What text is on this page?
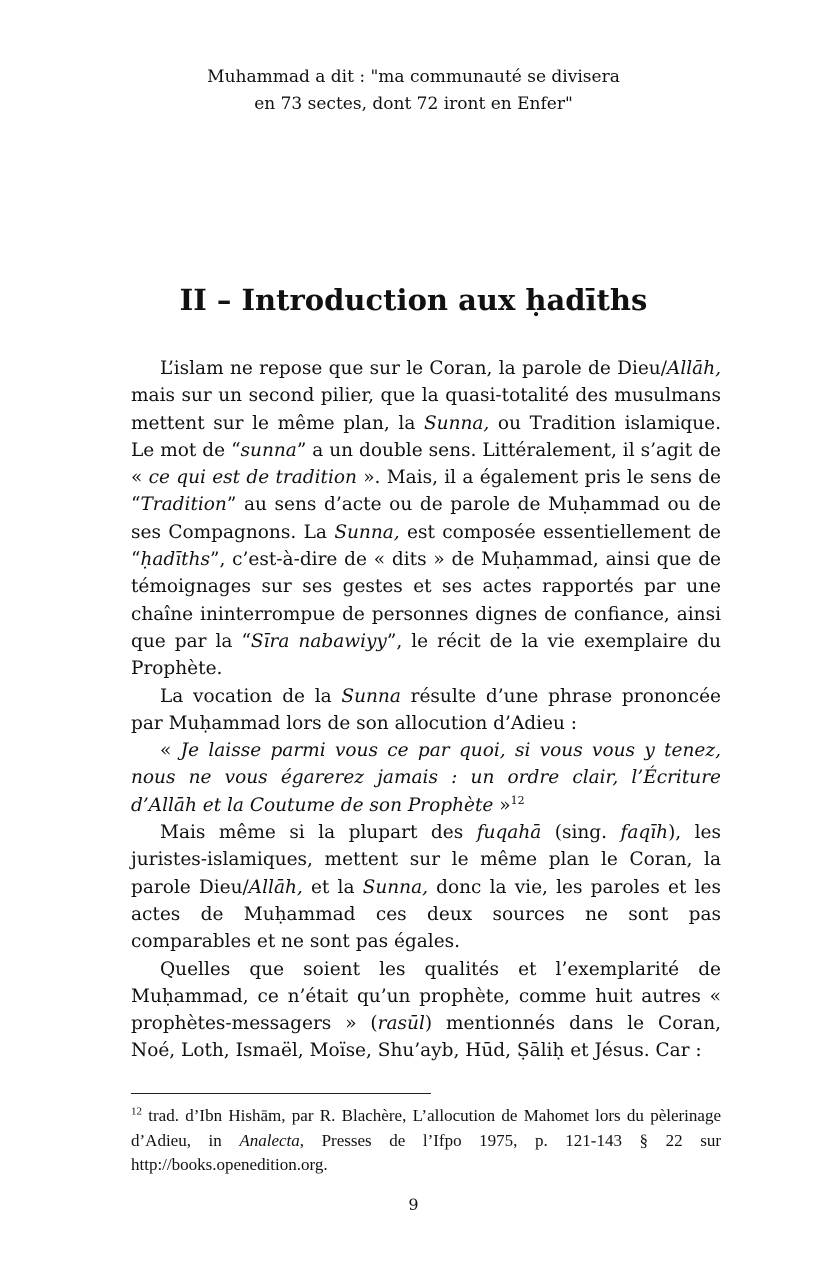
Muhammad a dit : "ma communauté se divisera
en 73 sectes, dont 72 iront en Enfer"
II – Introduction aux ḥadīths

L’islam ne repose que sur le Coran, la parole de Dieu/Allāh, mais sur un second pilier, que la quasi-totalité des musulmans mettent sur le même plan, la Sunna, ou Tradition islamique. Le mot de “sunna” a un double sens. Littéralement, il s’agit de « ce qui est de tradition ». Mais, il a également pris le sens de “Tradition” au sens d’acte ou de parole de Muḥammad ou de ses Compagnons. La Sunna, est composée essentiellement de “ḥadīths”, c’est-à-dire de « dits » de Muḥammad, ainsi que de témoignages sur ses gestes et ses actes rapportés par une chaîne ininterrompue de personnes dignes de confiance, ainsi que par la “Sīra nabawiyy”, le récit de la vie exemplaire du Prophète.

La vocation de la Sunna résulte d’une phrase prononcée par Muḥammad lors de son allocution d’Adieu :

« Je laisse parmi vous ce par quoi, si vous vous y tenez, nous ne vous égarerez jamais : un ordre clair, l’Écriture d’Allāh et la Coutume de son Prophète »$^{12}$

Mais même si la plupart des fuqahā (sing. faqīh), les juristes-islamiques, mettent sur le même plan le Coran, la parole Dieu/Allāh, et la Sunna, donc la vie, les paroles et les actes de Muḥammad ces deux sources ne sont pas comparables et ne sont pas égales.

Quelles que soient les qualités et l’exemplarité de Muḥammad, ce n’était qu’un prophète, comme huit autres « prophètes-messagers » (rasūl) mentionnés dans le Coran, Noé, Loth, Ismaël, Moïse, Shu’ayb, Hūd, Ṣāliḥ et Jésus. Car :

$^{12}$ trad. d’Ibn Hishām, par R. Blachère, L’allocution de Mahomet lors du pèlerinage d’Adieu, in Analecta, Presses de l’Ifpo 1975, p. 121-143 § 22 sur http://books.openedition.org.

9
